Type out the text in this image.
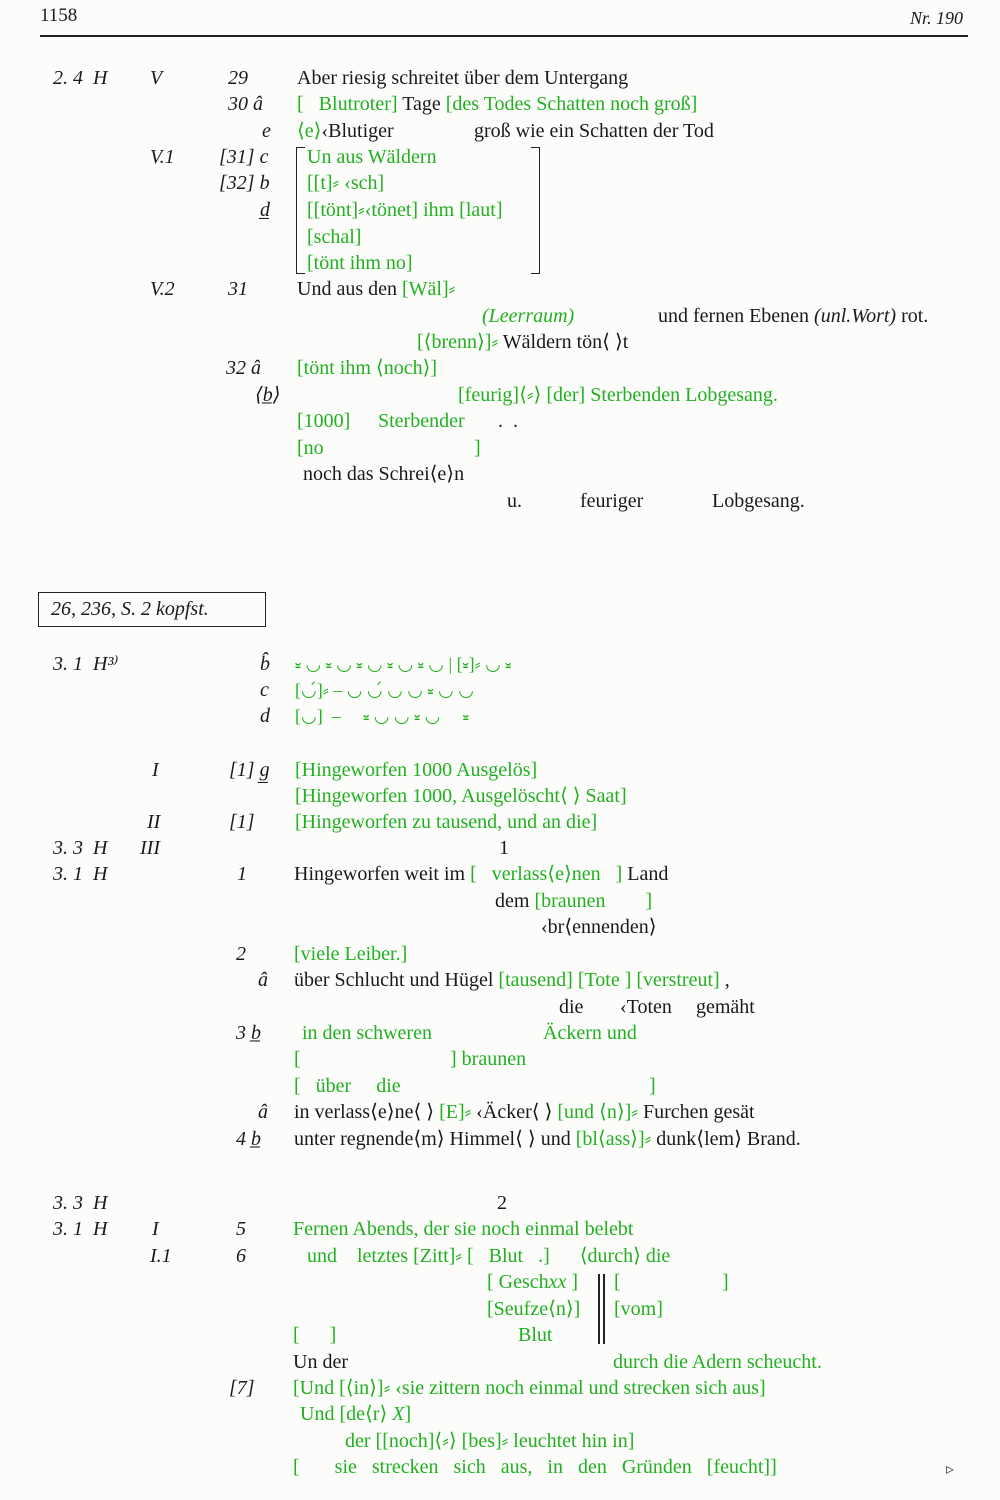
1158	Nr. 190
2. 4  H V	29 Aber riesig schreitet über dem Untergang
30 â [ Blutroter] Tage [des Todes Schatten noch groß]
e ⟨e⟩‹Blutiger	groß wie ein Schatten der Tod
V.1 [31] c Un aus Wäldern
[32] b [[t]⸗ ‹sch]
d̲ [[tönt]⸗‹tönet] ihm [laut]
[schal]
[tönt ihm no]
V.2	31 Und aus den [Wäl]⸗
(Leerraum)	und fernen Ebenen (unl.Wort) rot.
[⟨brenn⟩]⸗ Wäldern tön⟨ ⟩t
32 â [tönt ihm ⟨noch⟩]
⟨b̲⟩	[feurig]⟨⸗⟩ [der] Sterbenden Lobgesang.
[1000] Sterbender .  .
[no	]
noch das Schrei⟨e⟩n
u.	feuriger	Lobgesang.
26, 236, S. 2 kopfst.
3. 1  H³⁾	b̂ ⏓ ◡ ⏓ ◡ ⏓ ◡ ⏓ ◡ ⏓ ◡ | [⏓]⸗ ◡ ⏓
c [◡́]⸗ – ◡ ◡́ ◡ ◡ ⏓ ◡ ◡
d [◡]  –     ⏓ ◡ ◡ ⏓ ◡     ⏓
I	[1] g̲ [Hingeworfen 1000 Ausgelös]
[Hingeworfen 1000, Ausgelöscht⟨ ⟩ Saat]
II	[1] [Hingeworfen zu tausend, und an die]
3. 3  H III	1
3. 1  H	1 Hingeworfen weit im [   verlass⟨e⟩nen   ] Land
dem [braunen        ]
‹br⟨ennenden⟩
2 [viele Leiber.]
â über Schlucht und Hügel [tausend] [Tote ] [verstreut] ,
die ‹Toten gemäht
3 b̲ in den schweren	Äckern und
[	] braunen
[   über     die	]
â in verlass⟨e⟩ne⟨ ⟩ [E]⸗ ‹Äcker⟨ ⟩ [und ⟨n⟩]⸗ Furchen gesät
4 b̲ unter regnende⟨m⟩ Himmel⟨ ⟩ und [bl⟨ass⟩]⸗ dunk⟨lem⟩ Brand.
3. 3  H	2
3. 1  H I	5 Fernen Abends, der sie noch einmal belebt
I.1	6	und    letztes [Zitt]⸗ [   Blut   .]      ⟨durch⟩ die
[ Geschxx ] [	]
[Seufze⟨n⟩] [vom]
[      ]	Blut
Un der	durch die Adern scheucht.
[7] [Und [⟨in⟩]⸗ ‹sie zittern noch einmal und strecken sich aus]
Und [de⟨r⟩ X]
der [[noch]⟨⸗⟩ [bes]⸗ leuchtet hin in]
[       sie   strecken   sich   aus,   in   den   Gründen   [feucht]]	▹
